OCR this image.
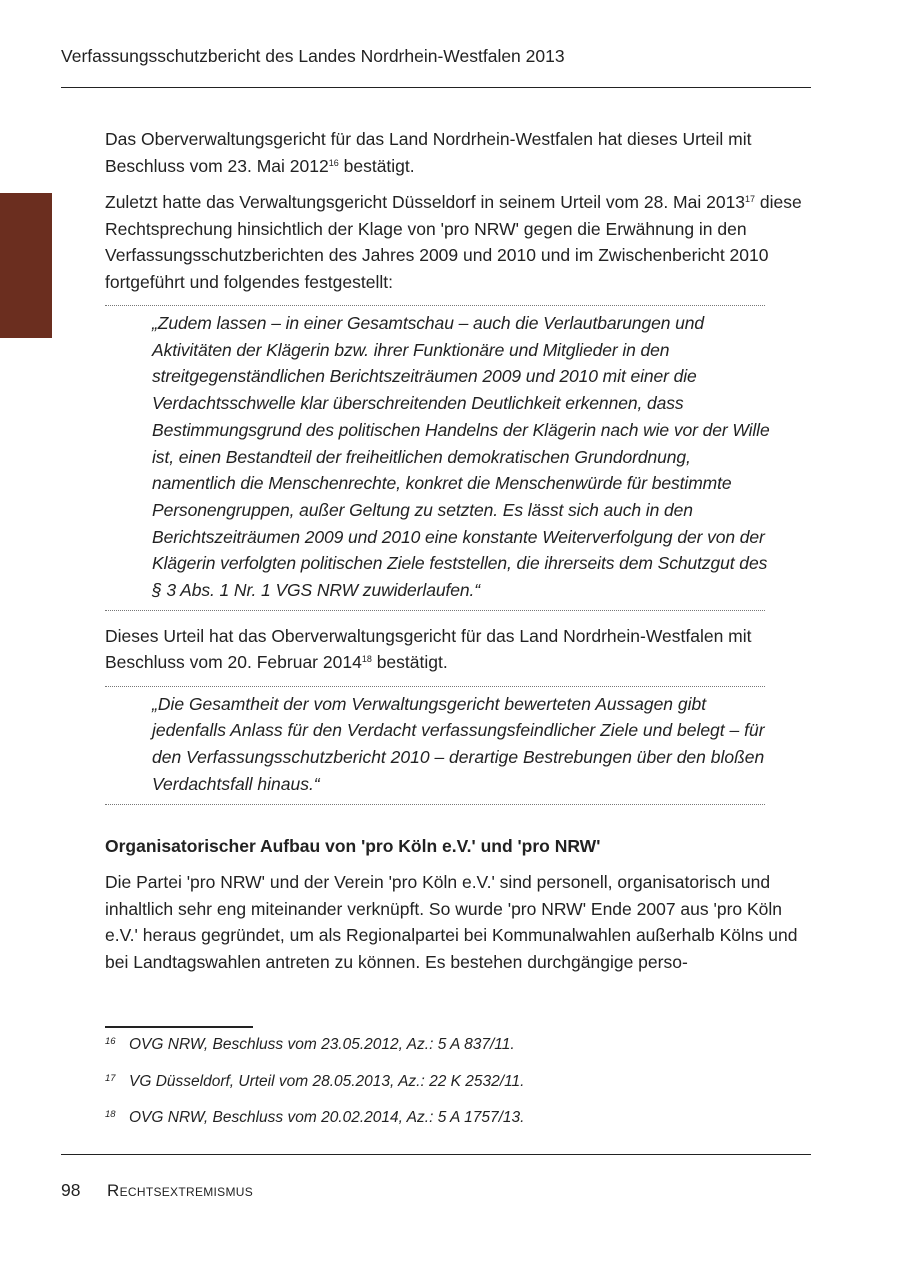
Verfassungsschutzbericht des Landes Nordrhein-Westfalen 2013

Das Oberverwaltungsgericht für das Land Nordrhein-Westfalen hat dieses Urteil mit Beschluss vom 23. Mai 2012$^{16}$ bestätigt.

Zuletzt hatte das Verwaltungsgericht Düsseldorf in seinem Urteil vom 28. Mai 2013$^{17}$ diese Rechtsprechung hinsichtlich der Klage von 'pro NRW' gegen die Erwähnung in den Verfassungsschutzberichten des Jahres 2009 und 2010 und im Zwischenbericht 2010 fortgeführt und folgendes festgestellt:

„Zudem lassen – in einer Gesamtschau – auch die Verlautbarungen und Aktivitäten der Klägerin bzw. ihrer Funktionäre und Mitglieder in den streitgegenständlichen Berichtszeiträumen 2009 und 2010 mit einer die Verdachtsschwelle klar überschreitenden Deutlichkeit erkennen, dass Bestimmungsgrund des politischen Handelns der Klägerin nach wie vor der Wille ist, einen Bestandteil der freiheitlichen demokratischen Grundordnung, namentlich die Menschenrechte, konkret die Menschenwürde für bestimmte Personengruppen, außer Geltung zu setzten. Es lässt sich auch in den Berichtszeiträumen 2009 und 2010 eine konstante Weiterverfolgung der von der Klägerin verfolgten politischen Ziele feststellen, die ihrerseits dem Schutzgut des § 3 Abs. 1 Nr. 1 VGS NRW zuwiderlaufen.“

Dieses Urteil hat das Oberverwaltungsgericht für das Land Nordrhein-Westfalen mit Beschluss vom 20. Februar 2014$^{18}$ bestätigt.

„Die Gesamtheit der vom Verwaltungsgericht bewerteten Aussagen gibt jedenfalls Anlass für den Verdacht verfassungsfeindlicher Ziele und belegt – für den Verfassungsschutzbericht 2010 – derartige Bestrebungen über den bloßen Verdachtsfall hinaus.“

Organisatorischer Aufbau von 'pro Köln e.V.' und 'pro NRW'

Die Partei 'pro NRW' und der Verein 'pro Köln e.V.' sind personell, organisatorisch und inhaltlich sehr eng miteinander verknüpft. So wurde 'pro NRW' Ende 2007 aus 'pro Köln e.V.' heraus gegründet, um als Regionalpartei bei Kommunalwahlen außerhalb Kölns und bei Landtagswahlen antreten zu können. Es bestehen durchgängige perso-

16 OVG NRW, Beschluss vom 23.05.2012, Az.: 5 A 837/11.
17 VG Düsseldorf, Urteil vom 28.05.2013, Az.: 22 K 2532/11.
18 OVG NRW, Beschluss vom 20.02.2014, Az.: 5 A 1757/13.
98 Rechtsextremismus
